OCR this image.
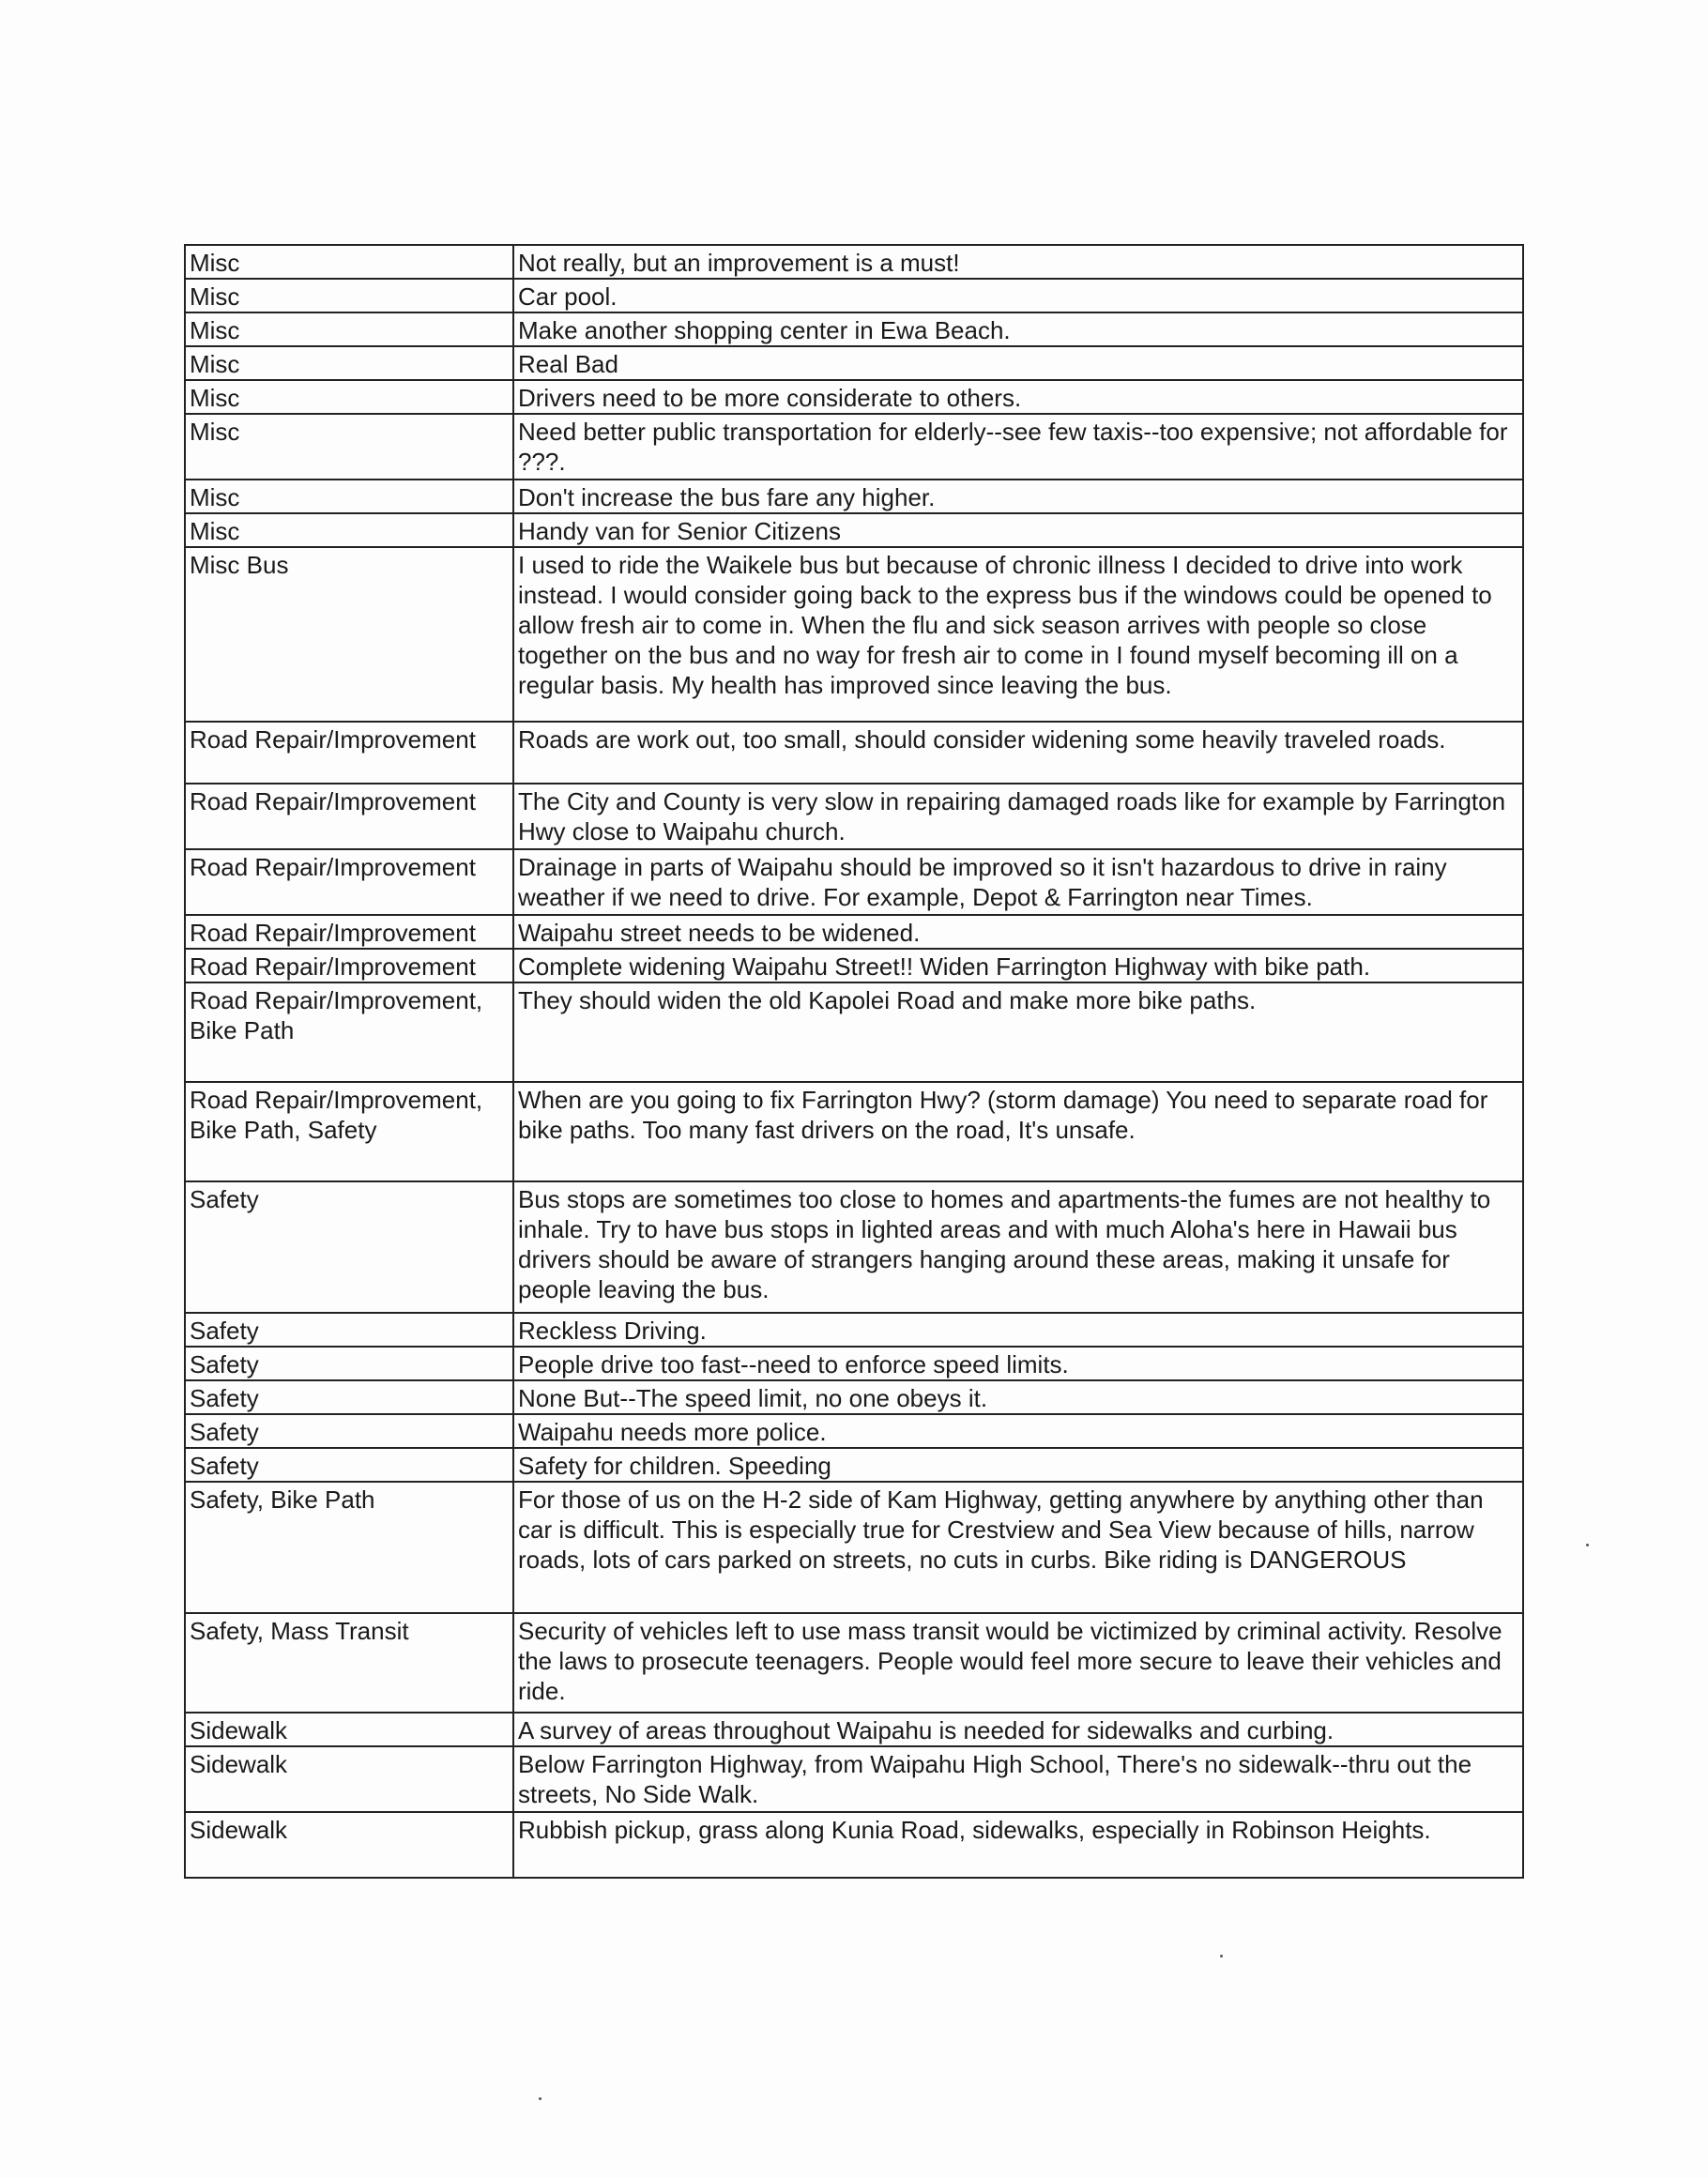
Misc	Not really, but an improvement is a must!
Misc	Car pool.
Misc	Make another shopping center in Ewa Beach.
Misc	Real Bad
Misc	Drivers need to be more considerate to others.
Misc	Need better public transportation for elderly--see few taxis--too expensive; not affordable for ???.
Misc	Don't increase the bus fare any higher.
Misc	Handy van for Senior Citizens
Misc Bus	I used to ride the Waikele bus but because of chronic illness I decided to drive into work instead. I would consider going back to the express bus if the windows could be opened to allow fresh air to come in. When the flu and sick season arrives with people so close together on the bus and no way for fresh air to come in I found myself becoming ill on a regular basis. My health has improved since leaving the bus.
Road Repair/Improvement	Roads are work out, too small, should consider widening some heavily traveled roads.
Road Repair/Improvement	The City and County is very slow in repairing damaged roads like for example by Farrington Hwy close to Waipahu church.
Road Repair/Improvement	Drainage in parts of Waipahu should be improved so it isn't hazardous to drive in rainy weather if we need to drive. For example, Depot & Farrington near Times.
Road Repair/Improvement	Waipahu street needs to be widened.
Road Repair/Improvement	Complete widening Waipahu Street!! Widen Farrington Highway with bike path.
Road Repair/Improvement, Bike Path	They should widen the old Kapolei Road and make more bike paths.
Road Repair/Improvement, Bike Path, Safety	When are you going to fix Farrington Hwy? (storm damage) You need to separate road for bike paths. Too many fast drivers on the road, It's unsafe.
Safety	Bus stops are sometimes too close to homes and apartments-the fumes are not healthy to inhale. Try to have bus stops in lighted areas and with much Aloha's here in Hawaii bus drivers should be aware of strangers hanging around these areas, making it unsafe for people leaving the bus.
Safety	Reckless Driving.
Safety	People drive too fast--need to enforce speed limits.
Safety	None But--The speed limit, no one obeys it.
Safety	Waipahu needs more police.
Safety	Safety for children. Speeding
Safety, Bike Path	For those of us on the H-2 side of Kam Highway, getting anywhere by anything other than car is difficult. This is especially true for Crestview and Sea View because of hills, narrow roads, lots of cars parked on streets, no cuts in curbs. Bike riding is DANGEROUS
Safety, Mass Transit	Security of vehicles left to use mass transit would be victimized by criminal activity. Resolve the laws to prosecute teenagers. People would feel more secure to leave their vehicles and ride.
Sidewalk	A survey of areas throughout Waipahu is needed for sidewalks and curbing.
Sidewalk	Below Farrington Highway, from Waipahu High School, There's no sidewalk--thru out the streets, No Side Walk.
Sidewalk	Rubbish pickup, grass along Kunia Road, sidewalks, especially in Robinson Heights.
